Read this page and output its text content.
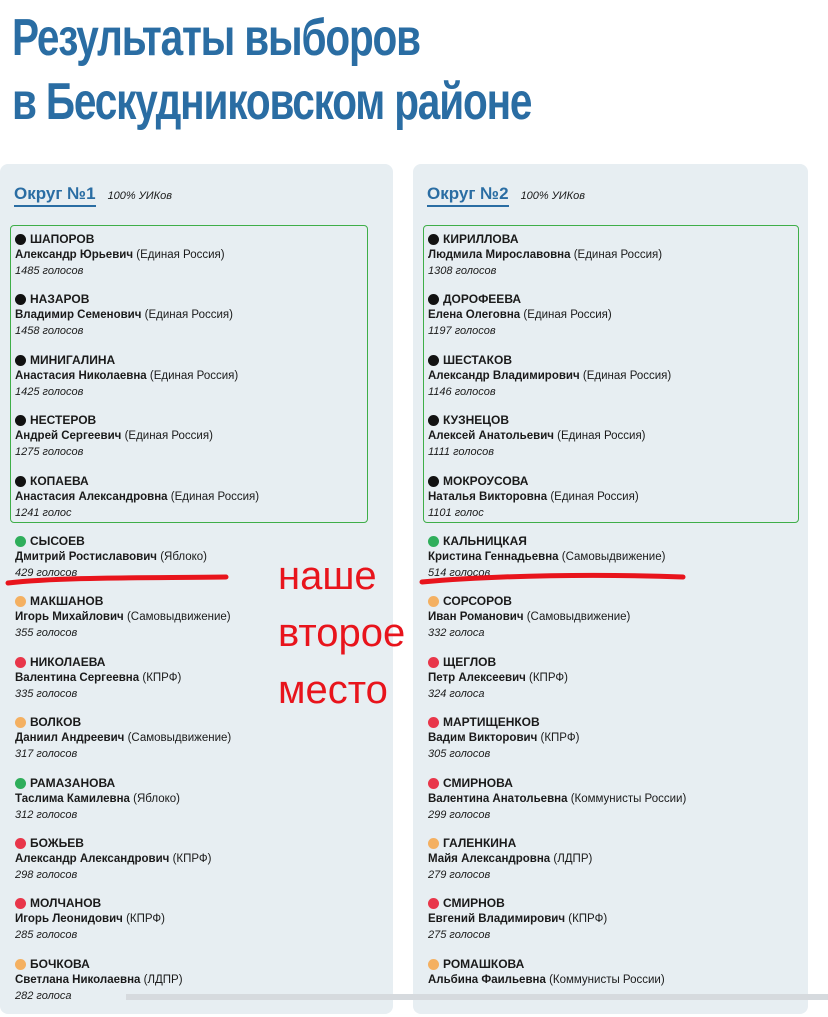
Результаты выборов
в Бескудниковском районе
Округ №1 100% УИКов
ШАПОРОВ
Александр Юрьевич (Единая Россия)
1485 голосов
НАЗАРОВ
Владимир Семенович (Единая Россия)
1458 голосов
МИНИГАЛИНА
Анастасия Николаевна (Единая Россия)
1425 голосов
НЕСТЕРОВ
Андрей Сергеевич (Единая Россия)
1275 голосов
КОПАЕВА
Анастасия Александровна (Единая Россия)
1241 голос
СЫСОЕВ
Дмитрий Ростиславович (Яблоко)
429 голосов
МАКШАНОВ
Игорь Михайлович (Самовыдвижение)
355 голосов
НИКОЛАЕВА
Валентина Сергеевна (КПРФ)
335 голосов
ВОЛКОВ
Даниил Андреевич (Самовыдвижение)
317 голосов
РАМАЗАНОВА
Таслима Камилевна (Яблоко)
312 голосов
БОЖЬЕВ
Александр Александрович (КПРФ)
298 голосов
МОЛЧАНОВ
Игорь Леонидович (КПРФ)
285 голосов
БОЧКОВА
Светлана Николаевна (ЛДПР)
282 голоса
Округ №2 100% УИКов
КИРИЛЛОВА
Людмила Мирославовна (Единая Россия)
1308 голосов
ДОРОФЕЕВА
Елена Олеговна (Единая Россия)
1197 голосов
ШЕСТАКОВ
Александр Владимирович (Единая Россия)
1146 голосов
КУЗНЕЦОВ
Алексей Анатольевич (Единая Россия)
1111 голосов
МОКРОУСОВА
Наталья Викторовна (Единая Россия)
1101 голос
КАЛЬНИЦКАЯ
Кристина Геннадьевна (Самовыдвижение)
514 голосов
СОРСОРОВ
Иван Романович (Самовыдвижение)
332 голоса
ЩЕГЛОВ
Петр Алексеевич (КПРФ)
324 голоса
МАРТИЩЕНКОВ
Вадим Викторович (КПРФ)
305 голосов
СМИРНОВА
Валентина Анатольевна (Коммунисты России)
299 голосов
ГАЛЕНКИНА
Майя Александровна (ЛДПР)
279 голосов
СМИРНОВ
Евгений Владимирович (КПРФ)
275 голосов
РОМАШКОВА
Альбина Фаильевна (Коммунисты России)

наше
второе
место
